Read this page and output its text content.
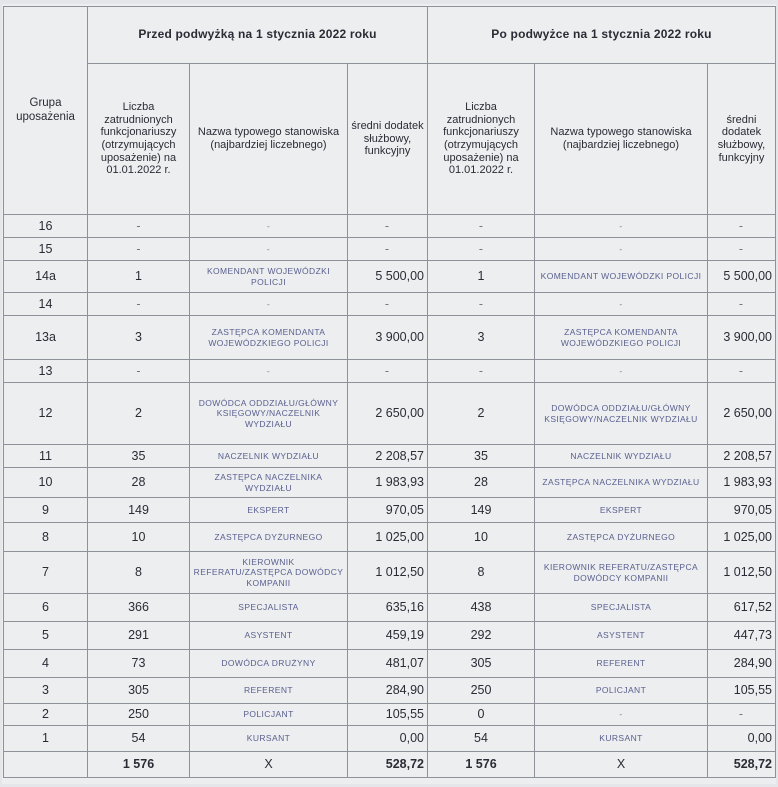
Grupa uposażenia	Przed podwyżką na 1 stycznia 2022 roku			Po podwyżce na 1 stycznia 2022 roku		
	Liczba zatrudnionych funkcjonariuszy (otrzymujących uposażenie) na 01.01.2022 r.	Nazwa typowego stanowiska (najbardziej liczebnego)	średni dodatek służbowy, funkcyjny	Liczba zatrudnionych funkcjonariuszy (otrzymujących uposażenie) na 01.01.2022 r.	Nazwa typowego stanowiska (najbardziej liczebnego)	średni dodatek służbowy, funkcyjny
16	-	-	-	-	-	-
15	-	-	-	-	-	-
14a	1	KOMENDANT WOJEWÓDZKI POLICJI	5 500,00	1	KOMENDANT WOJEWÓDZKI POLICJI	5 500,00
14	-	-	-	-	-	-
13a	3	ZASTĘPCA KOMENDANTA WOJEWÓDZKIEGO POLICJI	3 900,00	3	ZASTĘPCA KOMENDANTA WOJEWÓDZKIEGO POLICJI	3 900,00
13	-	-	-	-	-	-
12	2	DOWÓDCA ODDZIAŁU/GŁÓWNY KSIĘGOWY/NACZELNIK WYDZIAŁU	2 650,00	2	DOWÓDCA ODDZIAŁU/GŁÓWNY KSIĘGOWY/NACZELNIK WYDZIAŁU	2 650,00
11	35	NACZELNIK WYDZIAŁU	2 208,57	35	NACZELNIK WYDZIAŁU	2 208,57
10	28	ZASTĘPCA NACZELNIKA WYDZIAŁU	1 983,93	28	ZASTĘPCA NACZELNIKA WYDZIAŁU	1 983,93
9	149	EKSPERT	970,05	149	EKSPERT	970,05
8	10	ZASTĘPCA DYŻURNEGO	1 025,00	10	ZASTĘPCA DYŻURNEGO	1 025,00
7	8	KIEROWNIK REFERATU/ZASTĘPCA DOWÓDCY KOMPANII	1 012,50	8	KIEROWNIK REFERATU/ZASTĘPCA DOWÓDCY KOMPANII	1 012,50
6	366	SPECJALISTA	635,16	438	SPECJALISTA	617,52
5	291	ASYSTENT	459,19	292	ASYSTENT	447,73
4	73	DOWÓDCA DRUŻYNY	481,07	305	REFERENT	284,90
3	305	REFERENT	284,90	250	POLICJANT	105,55
2	250	POLICJANT	105,55	0	-	-
1	54	KURSANT	0,00	54	KURSANT	0,00
	1 576	X	528,72	1 576	X	528,72
